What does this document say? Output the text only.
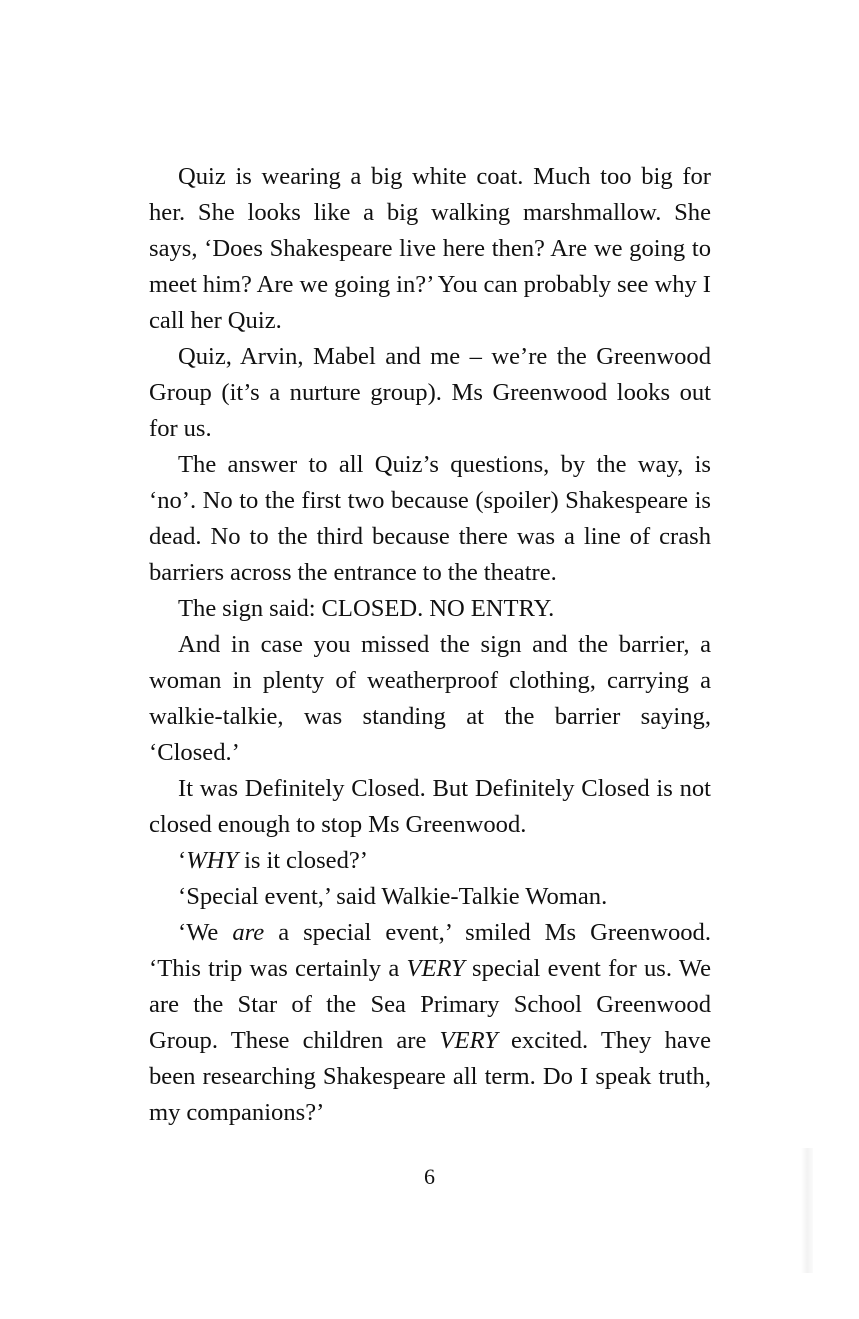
Quiz is wearing a big white coat. Much too big for her. She looks like a big walking marshmallow. She says, ‘Does Shakespeare live here then? Are we going to meet him? Are we going in?’ You can probably see why I call her Quiz.

Quiz, Arvin, Mabel and me – we’re the Greenwood Group (it’s a nurture group). Ms Greenwood looks out for us.

The answer to all Quiz’s questions, by the way, is ‘no’. No to the first two because (spoiler) Shakespeare is dead. No to the third because there was a line of crash barriers across the entrance to the theatre.

The sign said: CLOSED. NO ENTRY.

And in case you missed the sign and the barrier, a woman in plenty of weatherproof clothing, carrying a walkie-talkie, was standing at the barrier saying, ‘Closed.’

It was Definitely Closed. But Definitely Closed is not closed enough to stop Ms Greenwood.

‘WHY is it closed?’

‘Special event,’ said Walkie-Talkie Woman.

‘We are a special event,’ smiled Ms Greenwood. ‘This trip was certainly a VERY special event for us. We are the Star of the Sea Primary School Greenwood Group. These children are VERY excited. They have been researching Shakespeare all term. Do I speak truth, my companions?’

6
